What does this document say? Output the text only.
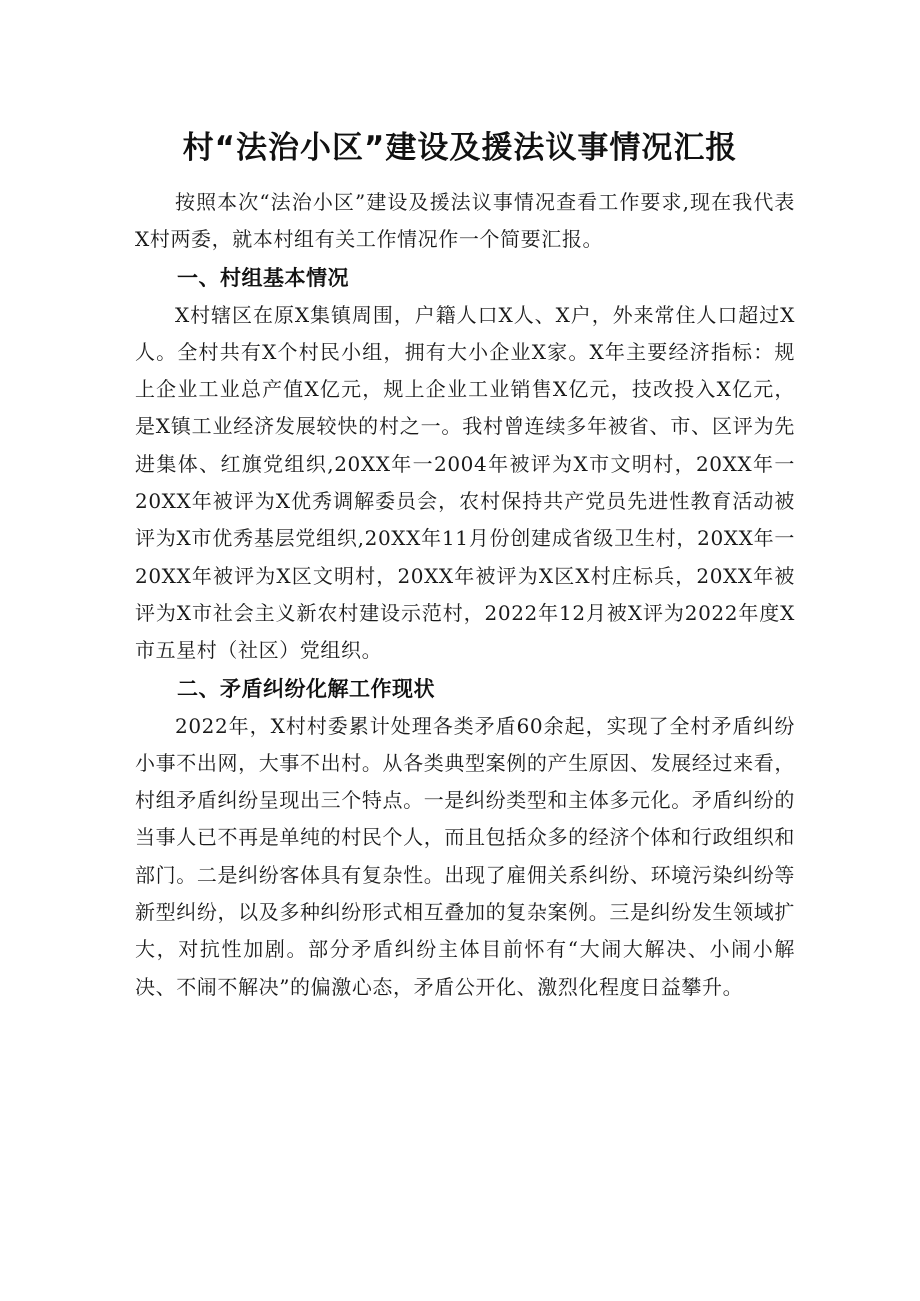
村“法治小区”建设及援法议事情况汇报

按照本次“法治小区”建设及援法议事情况查看工作要求,现在我代表X村两委，就本村组有关工作情况作一个简要汇报。

一、村组基本情况

X村辖区在原X集镇周围，户籍人口X人、X户，外来常住人口超过X人。全村共有X个村民小组，拥有大小企业X家。X年主要经济指标：规上企业工业总产值X亿元，规上企业工业销售X亿元，技改投入X亿元，是X镇工业经济发展较快的村之一。我村曾连续多年被省、市、区评为先进集体、红旗党组织,20XX年一2004年被评为X市文明村，20XX年一20XX年被评为X优秀调解委员会，农村保持共产党员先进性教育活动被评为X市优秀基层党组织,20XX年11月份创建成省级卫生村，20XX年一20XX年被评为X区文明村，20XX年被评为X区X村庄标兵，20XX年被评为X市社会主义新农村建设示范村，2022年12月被X评为2022年度X市五星村（社区）党组织。

二、矛盾纠纷化解工作现状

2022年，X村村委累计处理各类矛盾60余起，实现了全村矛盾纠纷小事不出网，大事不出村。从各类典型案例的产生原因、发展经过来看，村组矛盾纠纷呈现出三个特点。一是纠纷类型和主体多元化。矛盾纠纷的当事人已不再是单纯的村民个人，而且包括众多的经济个体和行政组织和部门。二是纠纷客体具有复杂性。出现了雇佣关系纠纷、环境污染纠纷等新型纠纷，以及多种纠纷形式相互叠加的复杂案例。三是纠纷发生领域扩大，对抗性加剧。部分矛盾纠纷主体目前怀有“大闹大解决、小闹小解决、不闹不解决”的偏激心态，矛盾公开化、激烈化程度日益攀升。
